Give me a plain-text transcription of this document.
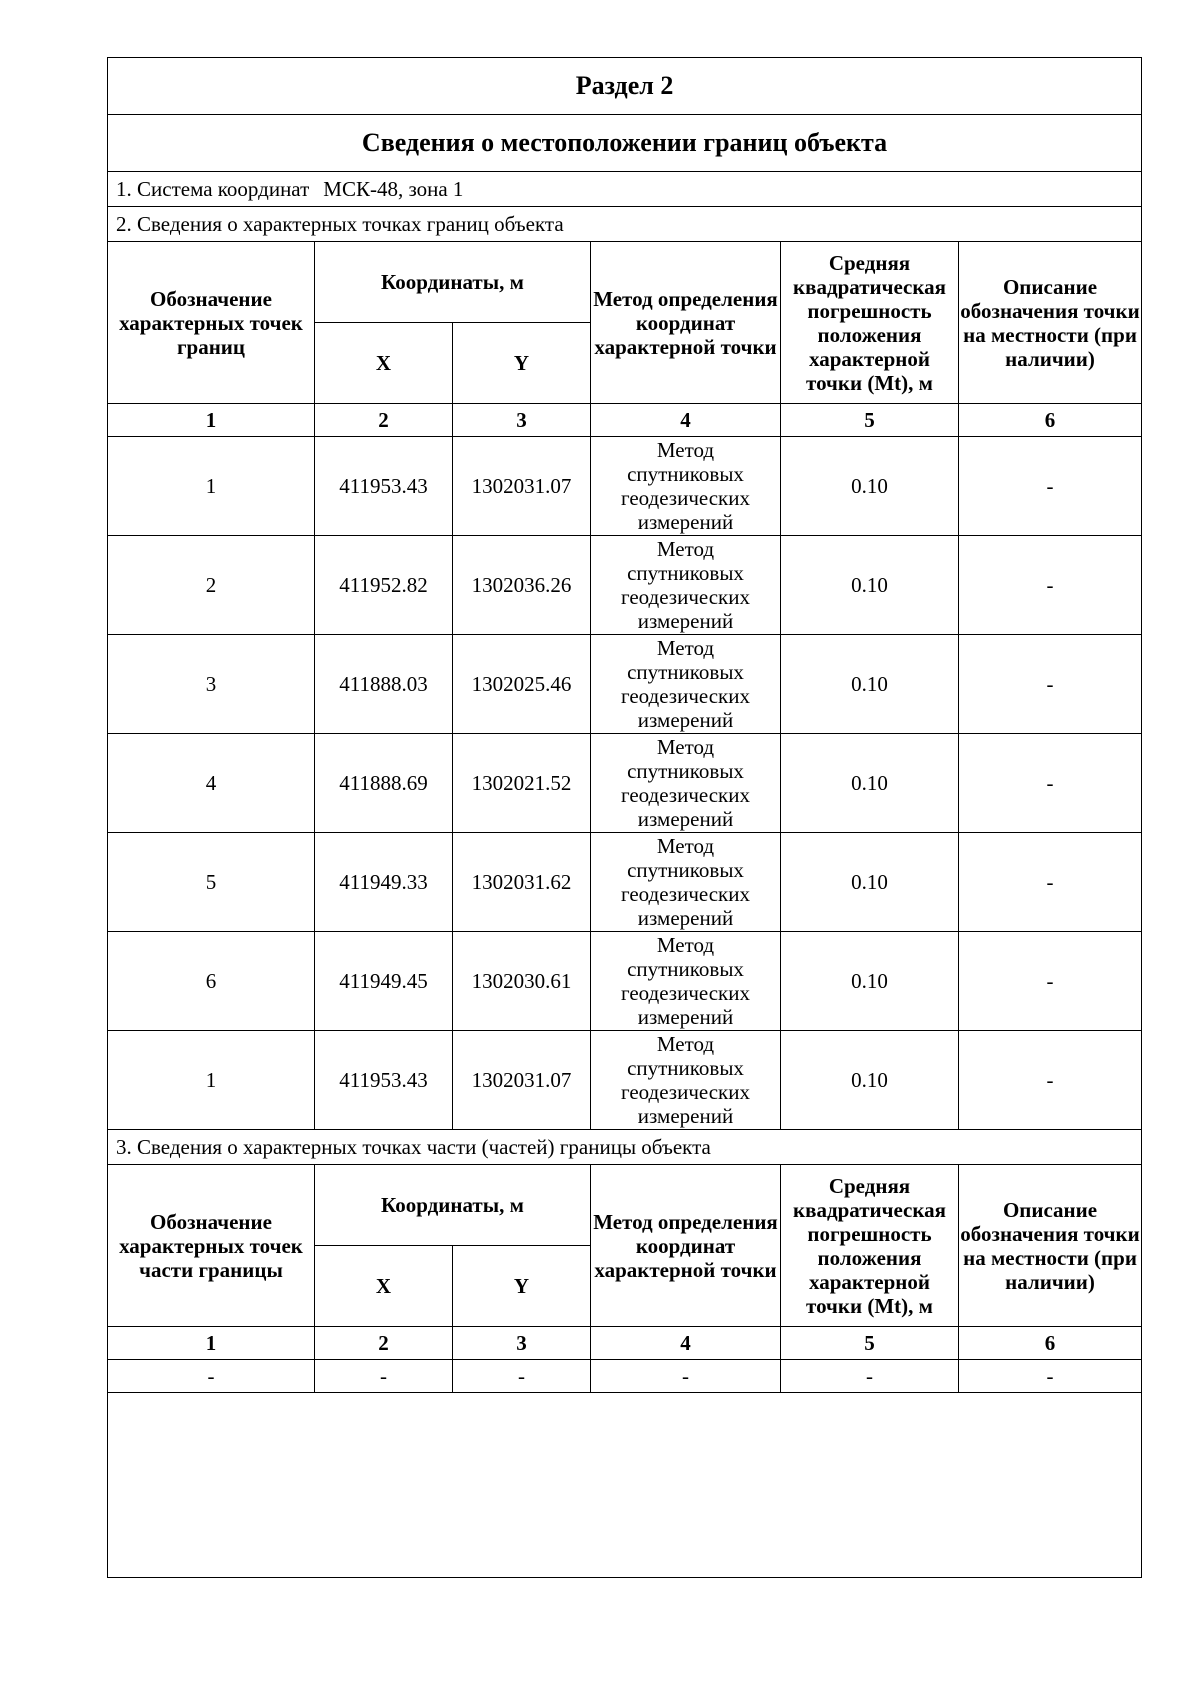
Раздел 2					
Сведения о местоположении границ объекта					
1. Система координат МСК-48, зона 1					
2. Сведения о характерных точках границ объекта					
Обозначение характерных точек границ	Координаты, м		Метод определения координат характерной точки	Средняя квадратическая погрешность положения характерной точки (Mt), м	Описание обозначения точки на местности (при наличии)
	X	Y			
1	2	3	4	5	6
1	411953.43	1302031.07	Метод спутниковых геодезических измерений	0.10	-
2	411952.82	1302036.26	Метод спутниковых геодезических измерений	0.10	-
3	411888.03	1302025.46	Метод спутниковых геодезических измерений	0.10	-
4	411888.69	1302021.52	Метод спутниковых геодезических измерений	0.10	-
5	411949.33	1302031.62	Метод спутниковых геодезических измерений	0.10	-
6	411949.45	1302030.61	Метод спутниковых геодезических измерений	0.10	-
1	411953.43	1302031.07	Метод спутниковых геодезических измерений	0.10	-
3. Сведения о характерных точках части (частей) границы объекта					
Обозначение характерных точек части границы	Координаты, м		Метод определения координат характерной точки	Средняя квадратическая погрешность положения характерной точки (Mt), м	Описание обозначения точки на местности (при наличии)
	X	Y			
1	2	3	4	5	6
-	-	-	-	-	-
